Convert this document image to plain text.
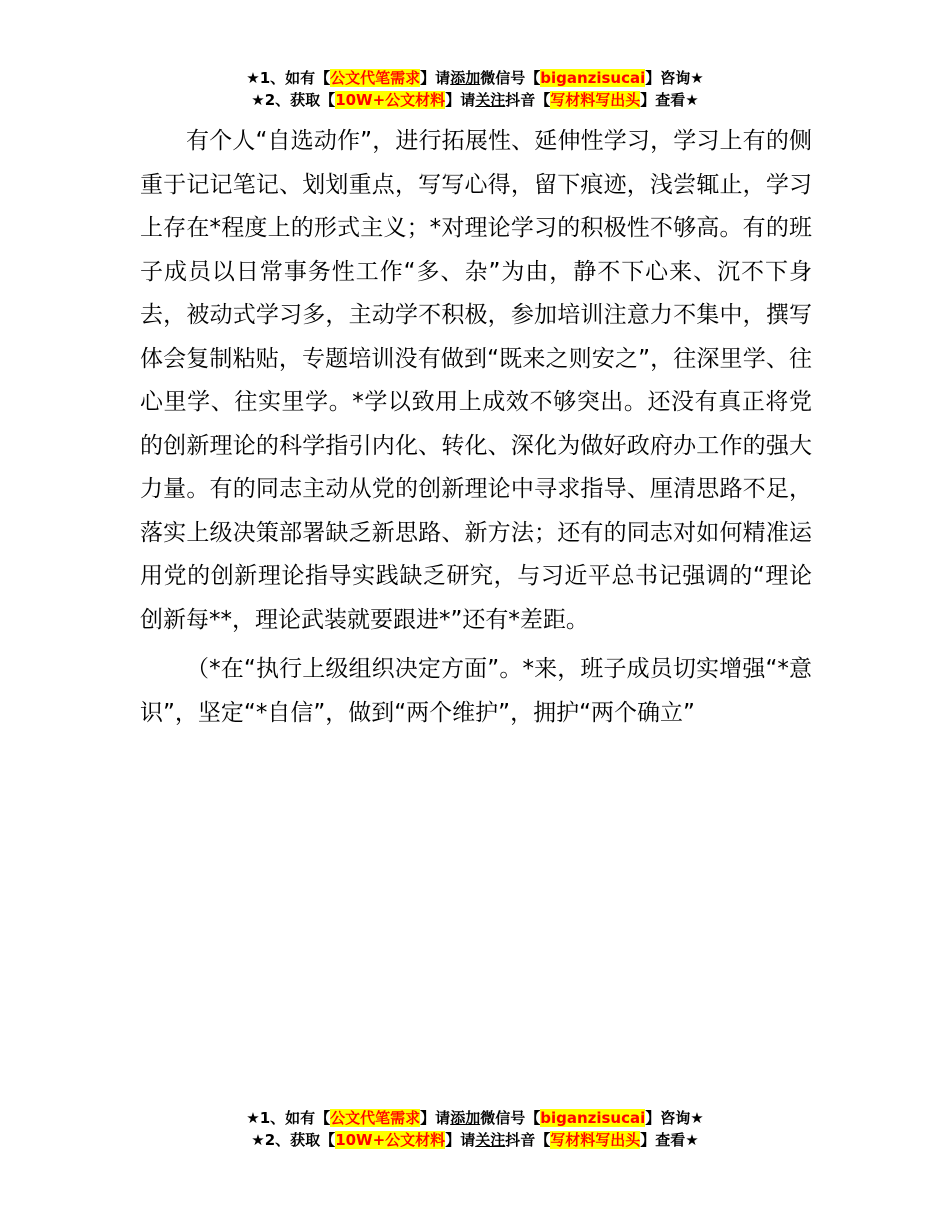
★1、如有【公文代笔需求】请添加微信号【biganzisucai】咨询★
★2、获取【10W+公文材料】请关注抖音【写材料写出头】查看★

有个人“自选动作”，进行拓展性、延伸性学习，学习上有的侧重于记记笔记、划划重点，写写心得，留下痕迹，浅尝辄止，学习上存在*程度上的形式主义；*对理论学习的积极性不够高。有的班子成员以日常事务性工作“多、杂”为由，静不下心来、沉不下身去，被动式学习多，主动学不积极，参加培训注意力不集中，撰写体会复制粘贴，专题培训没有做到“既来之则安之”，往深里学、往心里学、往实里学。*学以致用上成效不够突出。还没有真正将党的创新理论的科学指引内化、转化、深化为做好政府办工作的强大力量。有的同志主动从党的创新理论中寻求指导、厘清思路不足，落实上级决策部署缺乏新思路、新方法；还有的同志对如何精准运用党的创新理论指导实践缺乏研究，与习近平总书记强调的“理论创新每**，理论武装就要跟进*”还有*差距。

（*在“执行上级组织决定方面”。*来，班子成员切实增强“*意识”，坚定“*自信”，做到“两个维护”，拥护“两个确立”

★1、如有【公文代笔需求】请添加微信号【biganzisucai】咨询★
★2、获取【10W+公文材料】请关注抖音【写材料写出头】查看★
